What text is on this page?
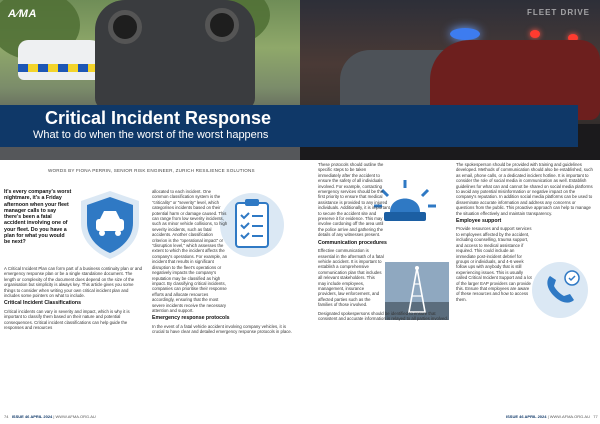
A∕MA	FLEET DRIVE
Critical Incident Response
What to do when the worst of the worst happens
WORDS BY FIONA PERRIN, SENIOR RISK ENGINEER, ZURICH RESILIENCE SOLUTIONS

It's every company's worst nightmare, it's a Friday afternoon when your fleet manager calls to say there's been a fatal accident involving one of your fleet. Do you have a plan for what you would be next?

A Critical Incident Plan can form part of a business continuity plan or and emergency response plan or be a single standalone document. The length or complexity of the document does depend on the size of the organisation but simplicity is always key. This article gives you some things to consider when writing your own critical incident plan and includes some pointers on what to include.

Critical Incident Classifications

Critical incidents can vary in severity and impact, which is why it is important to classify them based on their nature and potential consequences. Critical incident classifications can help guide the responses and resources

allocated to each incident. One common classification system is the "criticality" or "severity" level, which categorises incidents based on their potential harm or damage caused. This can range from low severity incidents, such as minor vehicle collisions, to high severity incidents, such as fatal accidents. Another classification criterion is the "operational impact" or "disruption level," which assesses the extent to which the incident affects the company's operations. For example, an incident that results in significant disruption to the fleet's operations or negatively impacts the company's reputation may be classified as high impact. By classifying critical incidents, companies can prioritise their response efforts and allocate resources accordingly, ensuring that the most severe incidents receive the necessary attention and support.

Emergency response protocols

In the event of a fatal vehicle accident involving company vehicles, it is crucial to have clear and detailed emergency response protocols in place.

These protocols should outline the specific steps to be taken immediately after the accident to ensure the safety of all individuals involved. For example, contacting emergency services should be the first priority to ensure that medical assistance is provided to any injured individuals. Additionally, it is important to secure the accident site and preserve it for evidence. This may involve cordoning off the area until the police arrive and gathering the details of any witnesses present.

Communication procedures

Effective communication is essential in the aftermath of a fatal vehicle accident. It is important to establish a comprehensive communication plan that includes all relevant stakeholders. This may include employees, management, insurance providers, law enforcement, and affected parties such as the families of those involved.

Designated spokespersons should be identified to ensure that consistent and accurate information is relayed to all parties involved.

The spokesperson should be provided with training and guidelines developed. Methods of communication should also be established, such as email, phone calls, or a dedicated incident hotline. It is important to consider the role of social media in communication as well. Establish guidelines for what can and cannot be shared on social media platforms to avoid any potential misinformation or negative impact on the company's reputation. In addition social media platforms can be used to disseminate accurate information and address any concerns or questions from the public. This proactive approach can help to manage the situation effectively and maintain transparency.

Employee support

Provide resources and support services to employees affected by the accident, including counselling, trauma support, and access to medical assistance if required. This could include an immediate post-incident debrief for groups or individuals, and 4-6 week follow ups with anybody that is still experiencing issues. This is usually called Critical Incident Support and a lot of the larger EAP providers can provide this. Ensure that employees are aware of these resources and how to access them.

74 ISSUE 46 APRIL 2024 | WWW.AFMA.ORG.AU	ISSUE 46 APRIL 2024 | WWW.AFMA.ORG.AU 77
